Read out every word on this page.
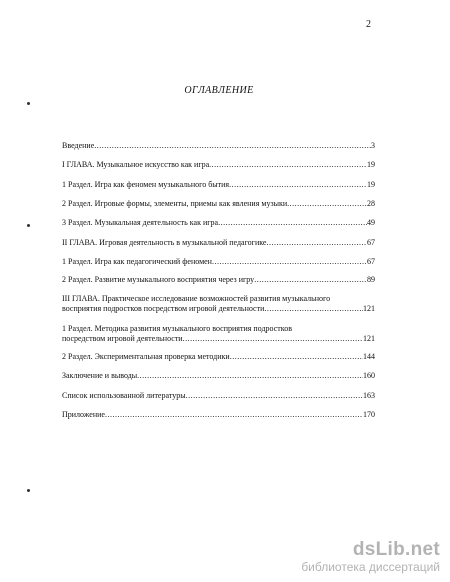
2
ОГЛАВЛЕНИЕ
Введение .....	3
I ГЛАВА. Музыкальное искусство как игра .....	19
1 Раздел. Игра как феномен музыкального бытия .....	19
2 Раздел. Игровые формы, элементы, приемы как явления музыки .....	28
3 Раздел. Музыкальная деятельность как игра .....	49
II ГЛАВА. Игровая деятельность в музыкальной педагогике .....	67
1 Раздел. Игра как педагогический феномен .....	67
2 Раздел. Развитие музыкального восприятия через игру .....	89
III ГЛАВА. Практическое исследование возможностей развития музыкального
восприятия подростков посредством игровой деятельности .....	121
1 Раздел. Методика развития музыкального восприятия подростков
посредством игровой деятельности .....	121
2 Раздел. Экспериментальная проверка методики .....	144
Заключение и выводы .....	160
Список использованной литературы .....	163
Приложение .....	170
dsLib.net
библиотека диссертаций
